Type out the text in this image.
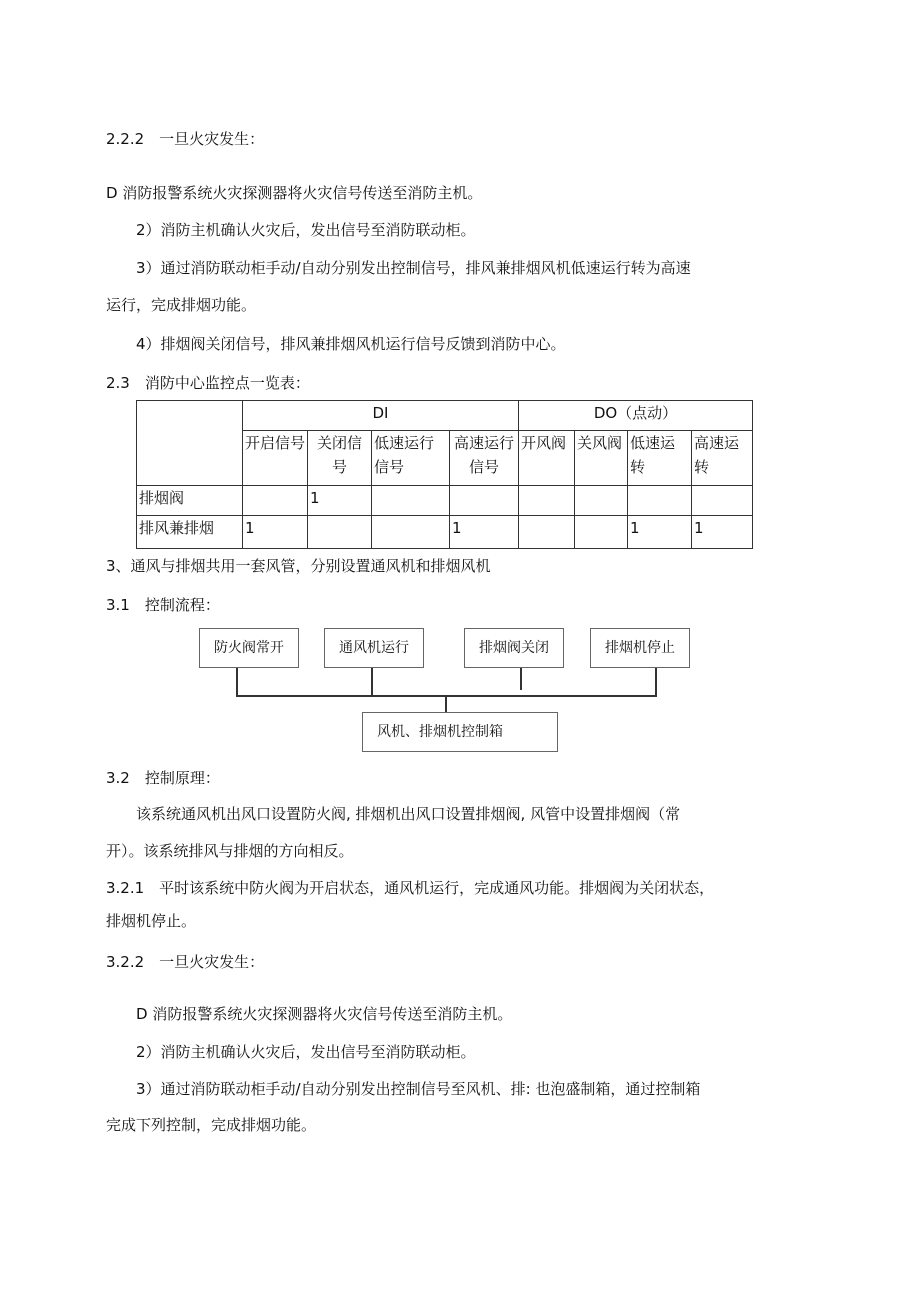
2.2.2　一旦火灾发生：
D 消防报警系统火灾探测器将火灾信号传送至消防主机。
2）消防主机确认火灾后，发出信号至消防联动柜。
3）通过消防联动柜手动/自动分别发出控制信号，排风兼排烟风机低速运行转为高速
运行，完成排烟功能。
4）排烟阀关闭信号，排风兼排烟风机运行信号反馈到消防中心。
2.3　消防中心监控点一览表：
	DI				DO（点动）			
	开启信号	关闭信号	低速运行信号	高速运行信号	开风阀	关风阀	低速运转	高速运转
排烟阀		1						
排风兼排烟	1			1			1	1
3、通风与排烟共用一套风管，分别设置通风机和排烟风机
3.1　控制流程：
防火阀常开	通风机运行	排烟阀关闭	排烟机停止
风机、排烟机控制箱
3.2　控制原理：
该系统通风机出风口设置防火阀, 排烟机出风口设置排烟阀, 风管中设置排烟阀（常
开）。该系统排风与排烟的方向相反。
3.2.1　平时该系统中防火阀为开启状态，通风机运行，完成通风功能。排烟阀为关闭状态，
排烟机停止。
3.2.2　一旦火灾发生：
D 消防报警系统火灾探测器将火灾信号传送至消防主机。
2）消防主机确认火灾后，发出信号至消防联动柜。
3）通过消防联动柜手动/自动分别发出控制信号至风机、排: 也泡盛制箱，通过控制箱
完成下列控制，完成排烟功能。
